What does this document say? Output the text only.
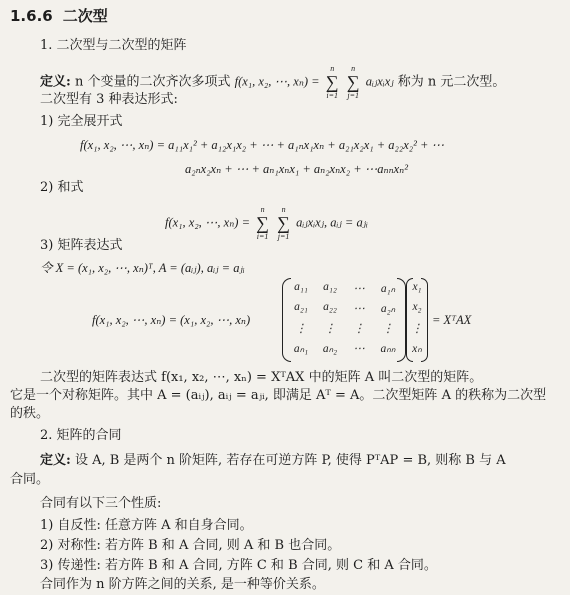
1.6.6 二次型
1. 二次型与二次型的矩阵
定义: n 个变量的二次齐次多项式 f(x₁, x₂, ⋯, xₙ) =
n
∑
i=1

n
∑
j=1
aᵢⱼxᵢxⱼ 称为 n 元二次型。
二次型有 3 种表达形式:
1) 完全展开式
f(x₁, x₂, ⋯, xₙ) = a₁₁x₁² + a₁₂x₁x₂ + ⋯ + a₁ₙx₁xₙ + a₂₁x₂x₁ + a₂₂x₂² + ⋯
a₂ₙx₂xₙ + ⋯ + aₙ₁xₙx₁ + aₙ₂xₙx₂ + ⋯aₙₙxₙ²
2) 和式
f(x₁, x₂, ⋯, xₙ) =
n
∑
i=1

n
∑
j=1
aᵢⱼxᵢxⱼ, aᵢⱼ = aⱼᵢ
3) 矩阵表达式
令 X = (x₁, x₂, ⋯, xₙ)ᵀ, A = (aᵢⱼ), aᵢⱼ = aⱼᵢ
f(x₁, x₂, ⋯, xₙ) = (x₁, x₂, ⋯, xₙ)
a₁₁	a₁₂	⋯	a₁ₙ
a₂₁	a₂₂	⋯	a₂ₙ
⋮	⋮	⋮	⋮
aₙ₁	aₙ₂	⋯	aₙₙ
x₁
x₂
⋮
xₙ
= XᵀAX
二次型的矩阵表达式 f(x₁, x₂, ⋯, xₙ) = XᵀAX 中的矩阵 A 叫二次型的矩阵。
它是一个对称矩阵。其中 A = (aᵢⱼ), aᵢⱼ = aⱼᵢ, 即满足 Aᵀ = A。二次型矩阵 A 的秩称为二次型
的秩。
2. 矩阵的合同
定义: 设 A, B 是两个 n 阶矩阵, 若存在可逆方阵 P, 使得 PᵀAP = B, 则称 B 与 A
合同。
合同有以下三个性质:
1) 自反性: 任意方阵 A 和自身合同。
2) 对称性: 若方阵 B 和 A 合同, 则 A 和 B 也合同。
3) 传递性: 若方阵 B 和 A 合同, 方阵 C 和 B 合同, 则 C 和 A 合同。
合同作为 n 阶方阵之间的关系, 是一种等价关系。
